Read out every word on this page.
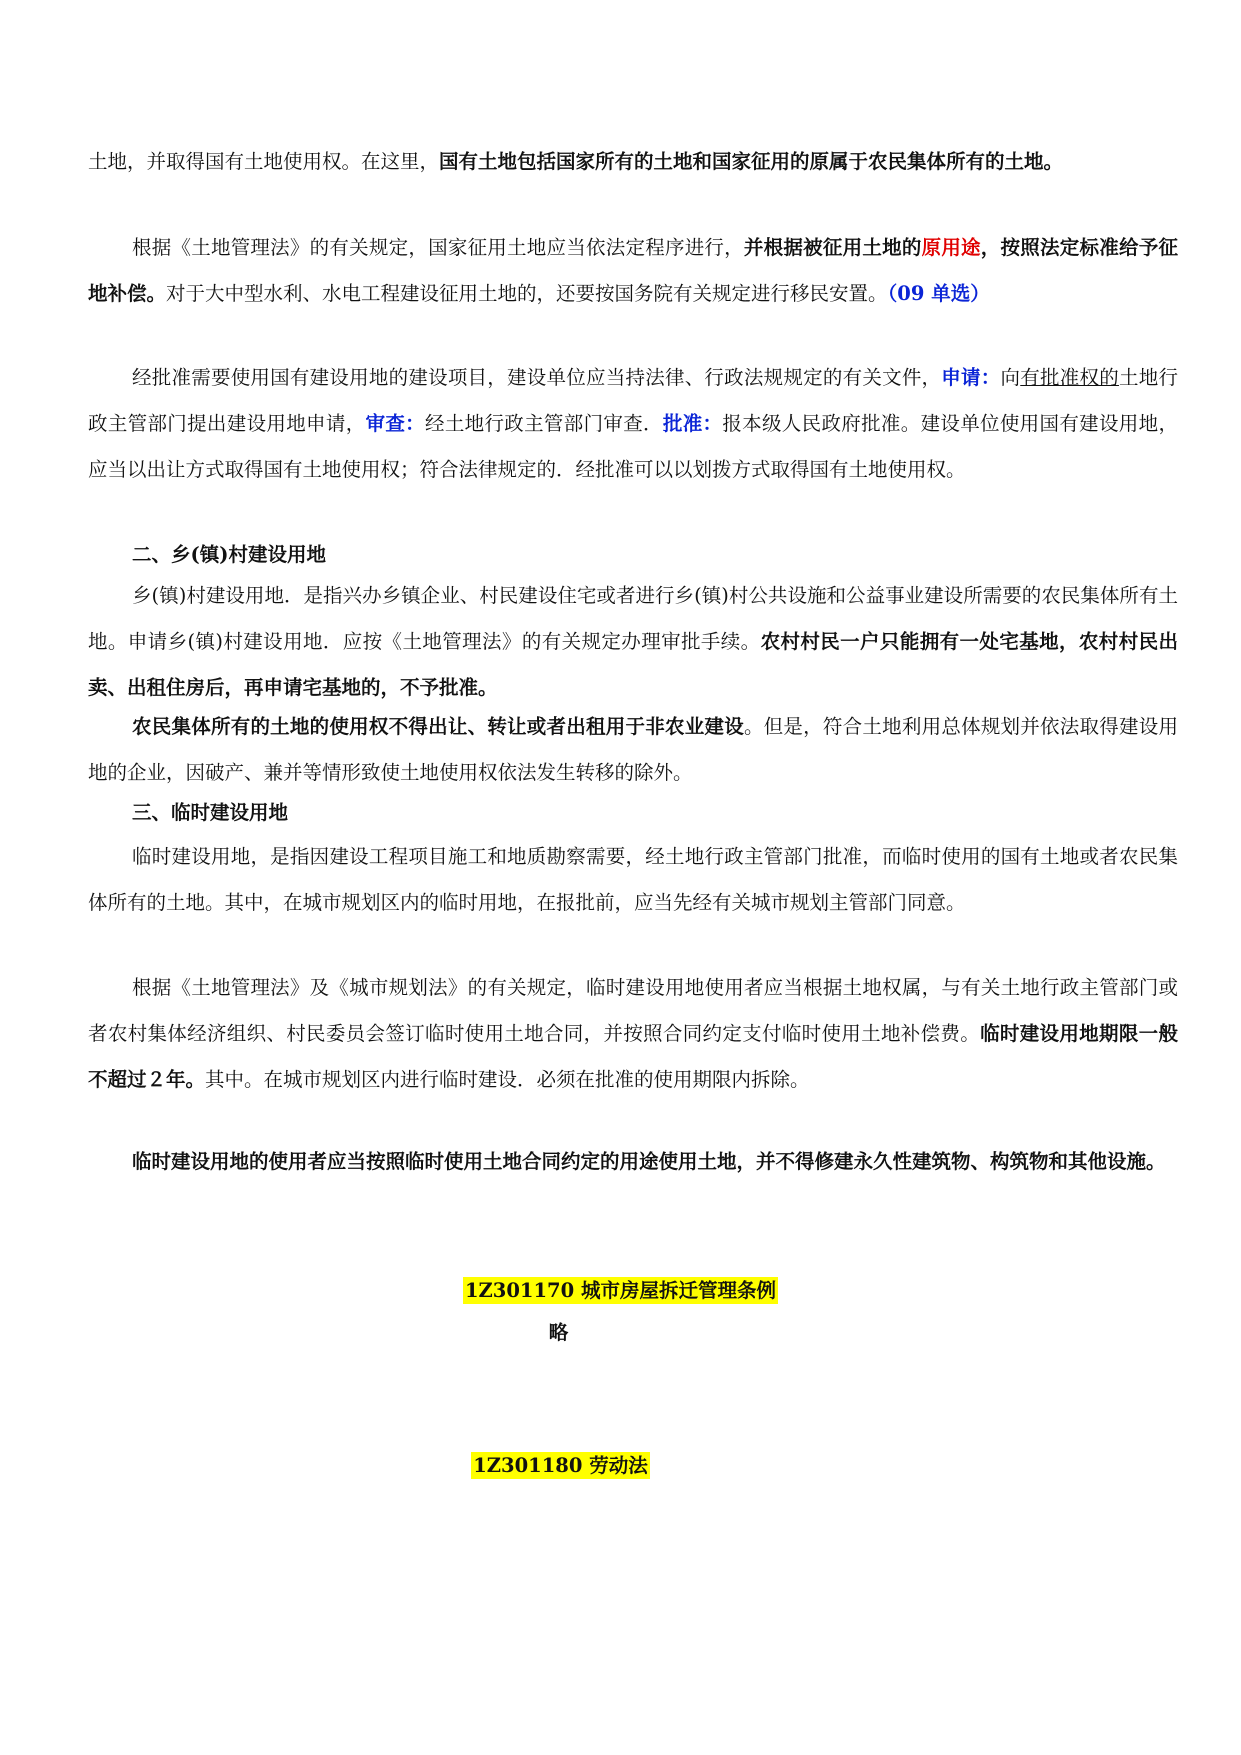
土地，并取得国有土地使用权。在这里，国有土地包括国家所有的土地和国家征用的原属于农民集体所有的土地。

根据《土地管理法》的有关规定，国家征用土地应当依法定程序进行，并根据被征用土地的原用途，按照法定标准给予征地补偿。对于大中型水利、水电工程建设征用土地的，还要按国务院有关规定进行移民安置。（09 单选）

经批准需要使用国有建设用地的建设项目，建设单位应当持法律、行政法规规定的有关文件，申请：向有批准权的土地行政主管部门提出建设用地申请，审查：经土地行政主管部门审查．批准：报本级人民政府批准。建设单位使用国有建设用地，应当以出让方式取得国有土地使用权；符合法律规定的．经批准可以以划拨方式取得国有土地使用权。

二、乡(镇)村建设用地

乡(镇)村建设用地．是指兴办乡镇企业、村民建设住宅或者进行乡(镇)村公共设施和公益事业建设所需要的农民集体所有土地。申请乡(镇)村建设用地．应按《土地管理法》的有关规定办理审批手续。农村村民一户只能拥有一处宅基地，农村村民出卖、出租住房后，再申请宅基地的，不予批准。

农民集体所有的土地的使用权不得出让、转让或者出租用于非农业建设。但是，符合土地利用总体规划并依法取得建设用地的企业，因破产、兼并等情形致使土地使用权依法发生转移的除外。

三、临时建设用地

临时建设用地，是指因建设工程项目施工和地质勘察需要，经土地行政主管部门批准，而临时使用的国有土地或者农民集体所有的土地。其中，在城市规划区内的临时用地，在报批前，应当先经有关城市规划主管部门同意。

根据《土地管理法》及《城市规划法》的有关规定，临时建设用地使用者应当根据土地权属，与有关土地行政主管部门或者农村集体经济组织、村民委员会签订临时使用土地合同，并按照合同约定支付临时使用土地补偿费。临时建设用地期限一般不超过２年。其中。在城市规划区内进行临时建设．必须在批准的使用期限内拆除。

临时建设用地的使用者应当按照临时使用土地合同约定的用途使用土地，并不得修建永久性建筑物、构筑物和其他设施。

1Z301170 城市房屋拆迁管理条例
略
1Z301180 劳动法
